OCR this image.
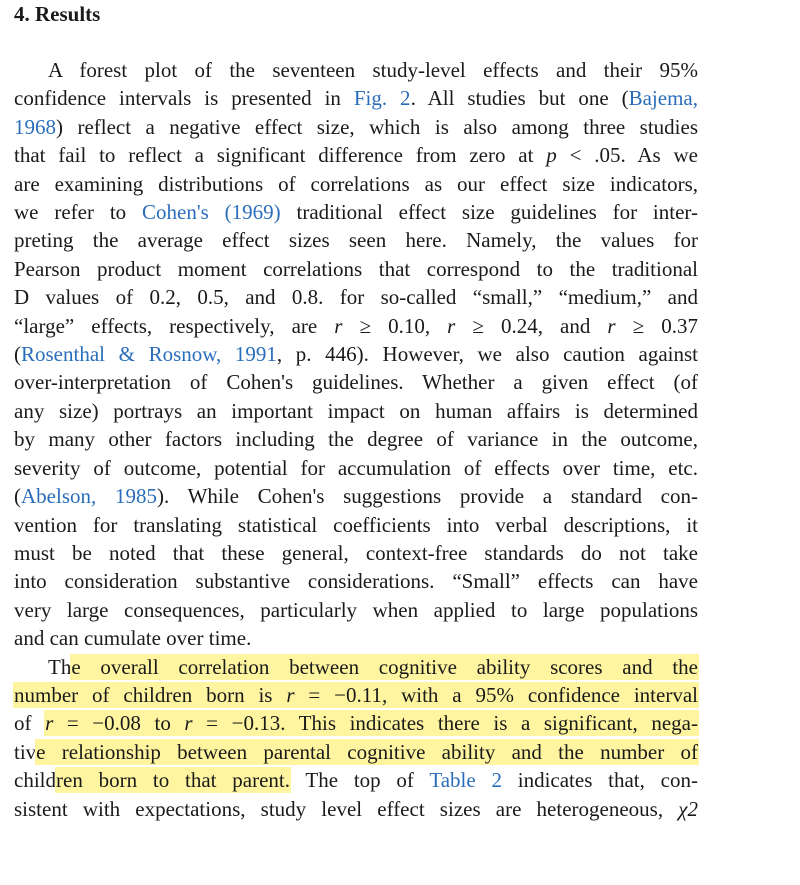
4. Results
A forest plot of the seventeen study-level effects and their 95%
confidence intervals is presented in Fig. 2. All studies but one (Bajema,
1968) reflect a negative effect size, which is also among three studies
that fail to reflect a significant difference from zero at p < .05. As we
are examining distributions of correlations as our effect size indicators,
we refer to Cohen's (1969) traditional effect size guidelines for inter-
preting the average effect sizes seen here. Namely, the values for
Pearson product moment correlations that correspond to the traditional
D values of 0.2, 0.5, and 0.8. for so-called “small,” “medium,” and
“large” effects, respectively, are r ≥ 0.10, r ≥ 0.24, and r ≥ 0.37
(Rosenthal & Rosnow, 1991, p. 446). However, we also caution against
over-interpretation of Cohen's guidelines. Whether a given effect (of
any size) portrays an important impact on human affairs is determined
by many other factors including the degree of variance in the outcome,
severity of outcome, potential for accumulation of effects over time, etc.
(Abelson, 1985). While Cohen's suggestions provide a standard con-
vention for translating statistical coefficients into verbal descriptions, it
must be noted that these general, context-free standards do not take
into consideration substantive considerations. “Small” effects can have
very large consequences, particularly when applied to large populations
and can cumulate over time.
The overall correlation between cognitive ability scores and the
number of children born is r = −0.11, with a 95% confidence interval
of r = −0.08 to r = −0.13. This indicates there is a significant, nega-
tive relationship between parental cognitive ability and the number of
children born to that parent. The top of Table 2 indicates that, con-
sistent with expectations, study level effect sizes are heterogeneous, χ2
